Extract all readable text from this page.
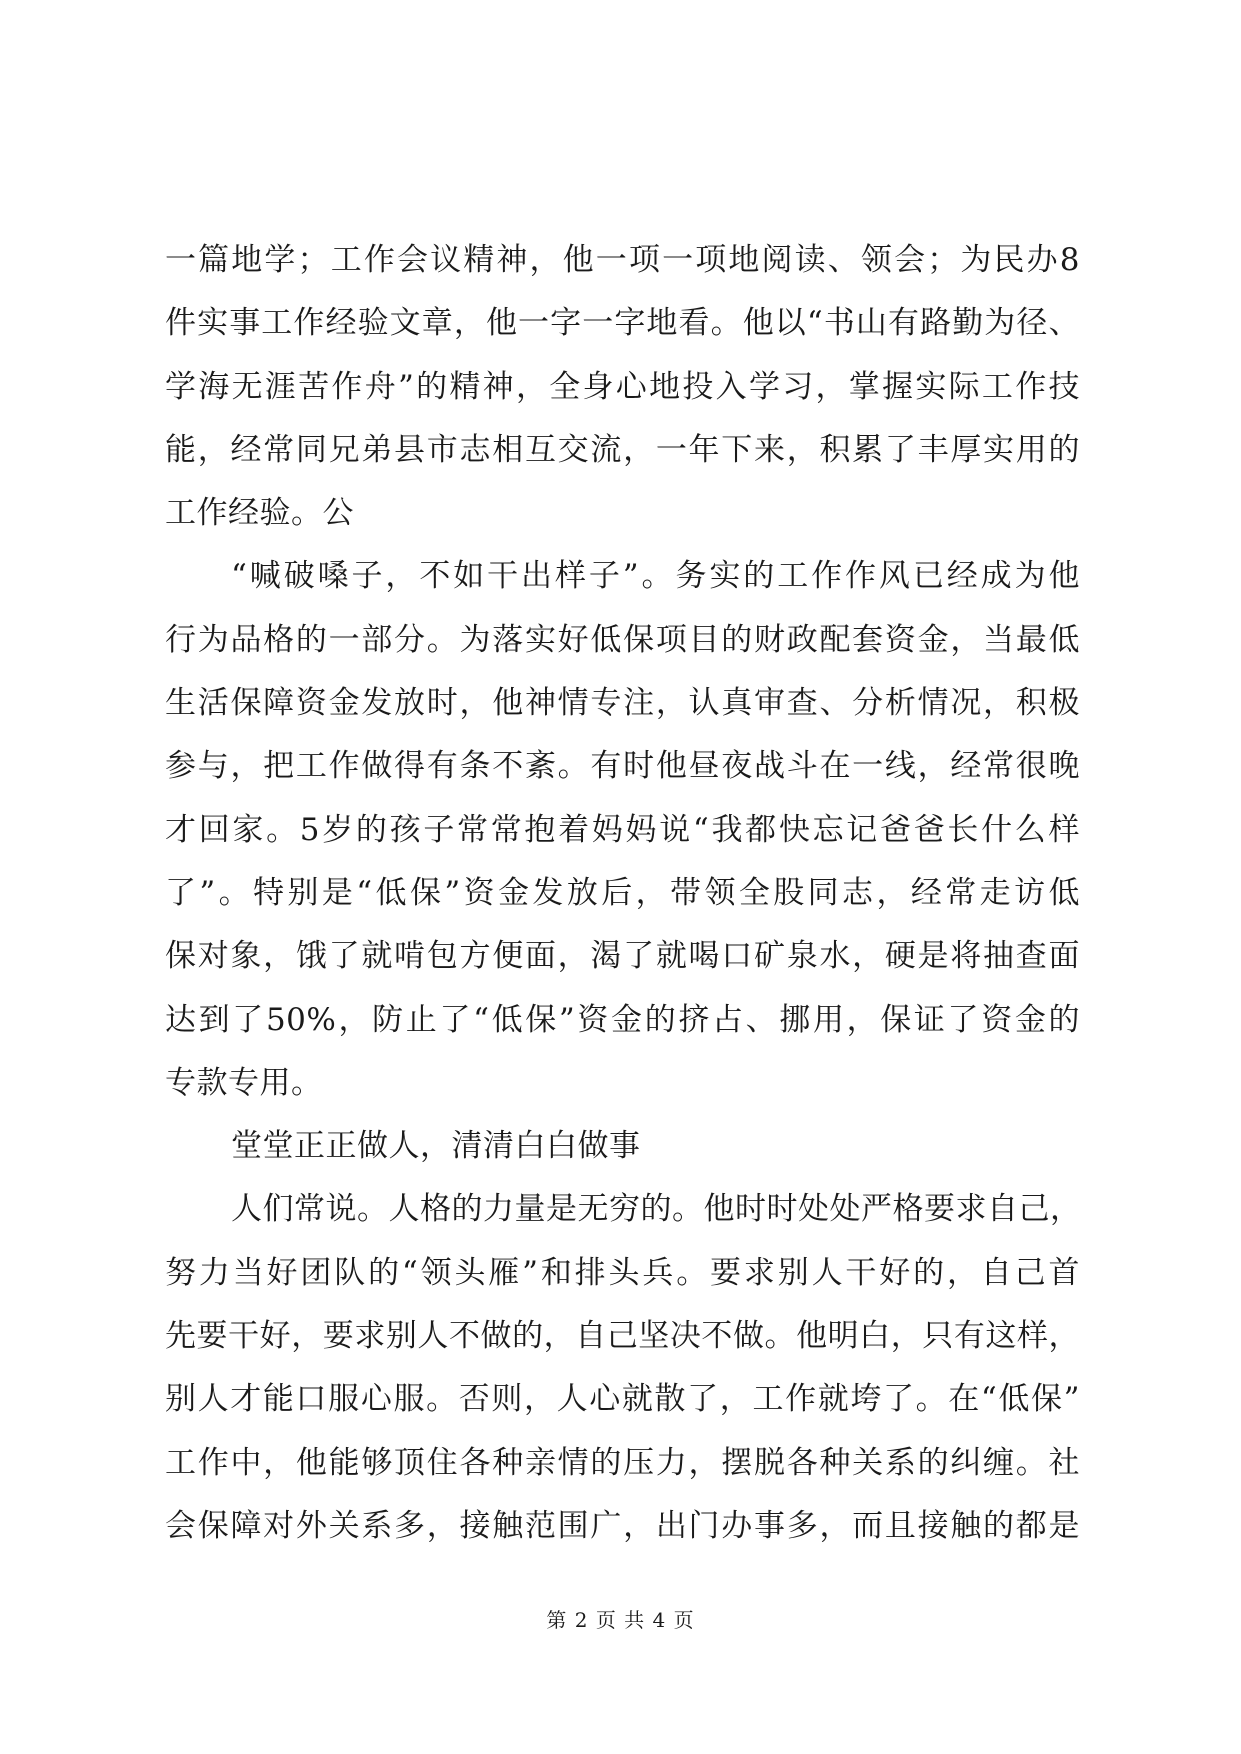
一篇地学；工作会议精神，他一项一项地阅读、领会；为民办8
件实事工作经验文章，他一字一字地看。他以“书山有路勤为径、
学海无涯苦作舟”的精神，全身心地投入学习，掌握实际工作技
能，经常同兄弟县市志相互交流，一年下来，积累了丰厚实用的
工作经验。公
“喊破嗓子，不如干出样子”。务实的工作作风已经成为他
行为品格的一部分。为落实好低保项目的财政配套资金，当最低
生活保障资金发放时，他神情专注，认真审查、分析情况，积极
参与，把工作做得有条不紊。有时他昼夜战斗在一线，经常很晚
才回家。5岁的孩子常常抱着妈妈说“我都快忘记爸爸长什么样
了”。特别是“低保”资金发放后，带领全股同志，经常走访低
保对象，饿了就啃包方便面，渴了就喝口矿泉水，硬是将抽查面
达到了50%，防止了“低保”资金的挤占、挪用，保证了资金的
专款专用。
堂堂正正做人，清清白白做事
人们常说。人格的力量是无穷的。他时时处处严格要求自己，
努力当好团队的“领头雁”和排头兵。要求别人干好的，自己首
先要干好，要求别人不做的，自己坚决不做。他明白，只有这样，
别人才能口服心服。否则，人心就散了，工作就垮了。在“低保”
工作中，他能够顶住各种亲情的压力，摆脱各种关系的纠缠。社
会保障对外关系多，接触范围广，出门办事多，而且接触的都是
第 2 页 共 4 页
